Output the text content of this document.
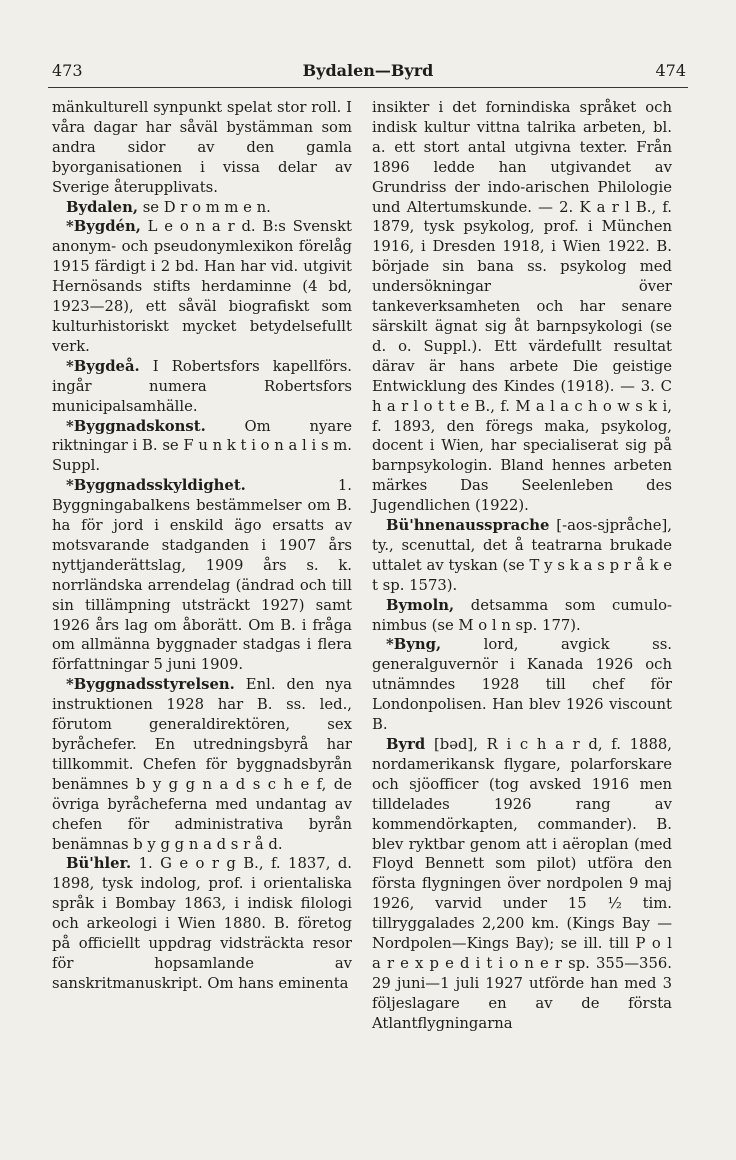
473	Bydalen—Byrd	474

mänkulturell synpunkt spelat stor roll. I våra dagar har såväl bystämman som andra sidor av den gamla byorganisationen i vissa delar av Sverige återupplivats.

Bydalen, se D r o m m e n.

*Bygdén, L e o n a r d. B:s Svenskt anonym- och pseudonymlexikon förelåg 1915 färdigt i 2 bd. Han har vid. utgivit Hernösands stifts herdaminne (4 bd, 1923—28), ett såväl biografiskt som kulturhistoriskt mycket betydelsefullt verk.

*Bygdeå. I Robertsfors kapellförs. ingår numera Robertsfors municipalsamhälle.

*Byggnadskonst. Om nyare riktningar i B. se F u n k t i o n a l i s m. Suppl.

*Byggnadsskyldighet. 1. Byggningabalkens bestämmelser om B. ha för jord i enskild ägo ersatts av motsvarande stadganden i 1907 års nyttjanderättslag, 1909 års s. k. norrländska arrendelag (ändrad och till sin tillämpning utsträckt 1927) samt 1926 års lag om åborätt. Om B. i fråga om allmänna byggnader stadgas i flera författningar 5 juni 1909.

*Byggnadsstyrelsen. Enl. den nya instruktionen 1928 har B. ss. led., förutom generaldirektören, sex byråchefer. En utredningsbyrå har tillkommit. Chefen för byggnadsbyrån benämnes b y g g n a d s c h e f, de övriga byråcheferna med undantag av chefen för administrativa byrån benämnas b y g g n a d s r å d.

Bü'hler. 1. G e o r g B., f. 1837, d. 1898, tysk indolog, prof. i orientaliska språk i Bombay 1863, i indisk filologi och arkeologi i Wien 1880. B. företog på officiellt uppdrag vidsträckta resor för hopsamlande av sanskritmanuskript. Om hans eminenta

insikter i det fornindiska språket och indisk kultur vittna talrika arbeten, bl. a. ett stort antal utgivna texter. Från 1896 ledde han utgivandet av Grundriss der indo-arischen Philologie und Altertumskunde. — 2. K a r l B., f. 1879, tysk psykolog, prof. i München 1916, i Dresden 1918, i Wien 1922. B. började sin bana ss. psykolog med undersökningar över tankeverksamheten och har senare särskilt ägnat sig åt barnpsykologi (se d. o. Suppl.). Ett värdefullt resultat därav är hans arbete Die geistige Entwicklung des Kindes (1918). — 3. C h a r l o t t e B., f. M a l a c h o w s k i, f. 1893, den föregs maka, psykolog, docent i Wien, har specialiserat sig på barnpsykologin. Bland hennes arbeten märkes Das Seelenleben des Jugendlichen (1922).

Bü'hnenaussprache [-aos-sjpråche], ty., scenuttal, det å teatrarna brukade uttalet av tyskan (se T y s k a s p r å k e t sp. 1573).

Bymoln, detsamma som cumulo-nimbus (se M o l n sp. 177).

*Byng, lord, avgick ss. generalguvernör i Kanada 1926 och utnämndes 1928 till chef för Londonpolisen. Han blev 1926 viscount B.

Byrd [bəd], R i c h a r d, f. 1888, nordamerikansk flygare, polarforskare och sjöofficer (tog avsked 1916 men tilldelades 1926 rang av kommendörkapten, commander). B. blev ryktbar genom att i aëroplan (med Floyd Bennett som pilot) utföra den första flygningen över nordpolen 9 maj 1926, varvid under 15 ½ tim. tillryggalades 2,200 km. (Kings Bay —Nordpolen—Kings Bay); se ill. till P o l a r e x p e d i t i o n e r sp. 355—356. 29 juni—1 juli 1927 utförde han med 3 följeslagare en av de första Atlantflygningarna
